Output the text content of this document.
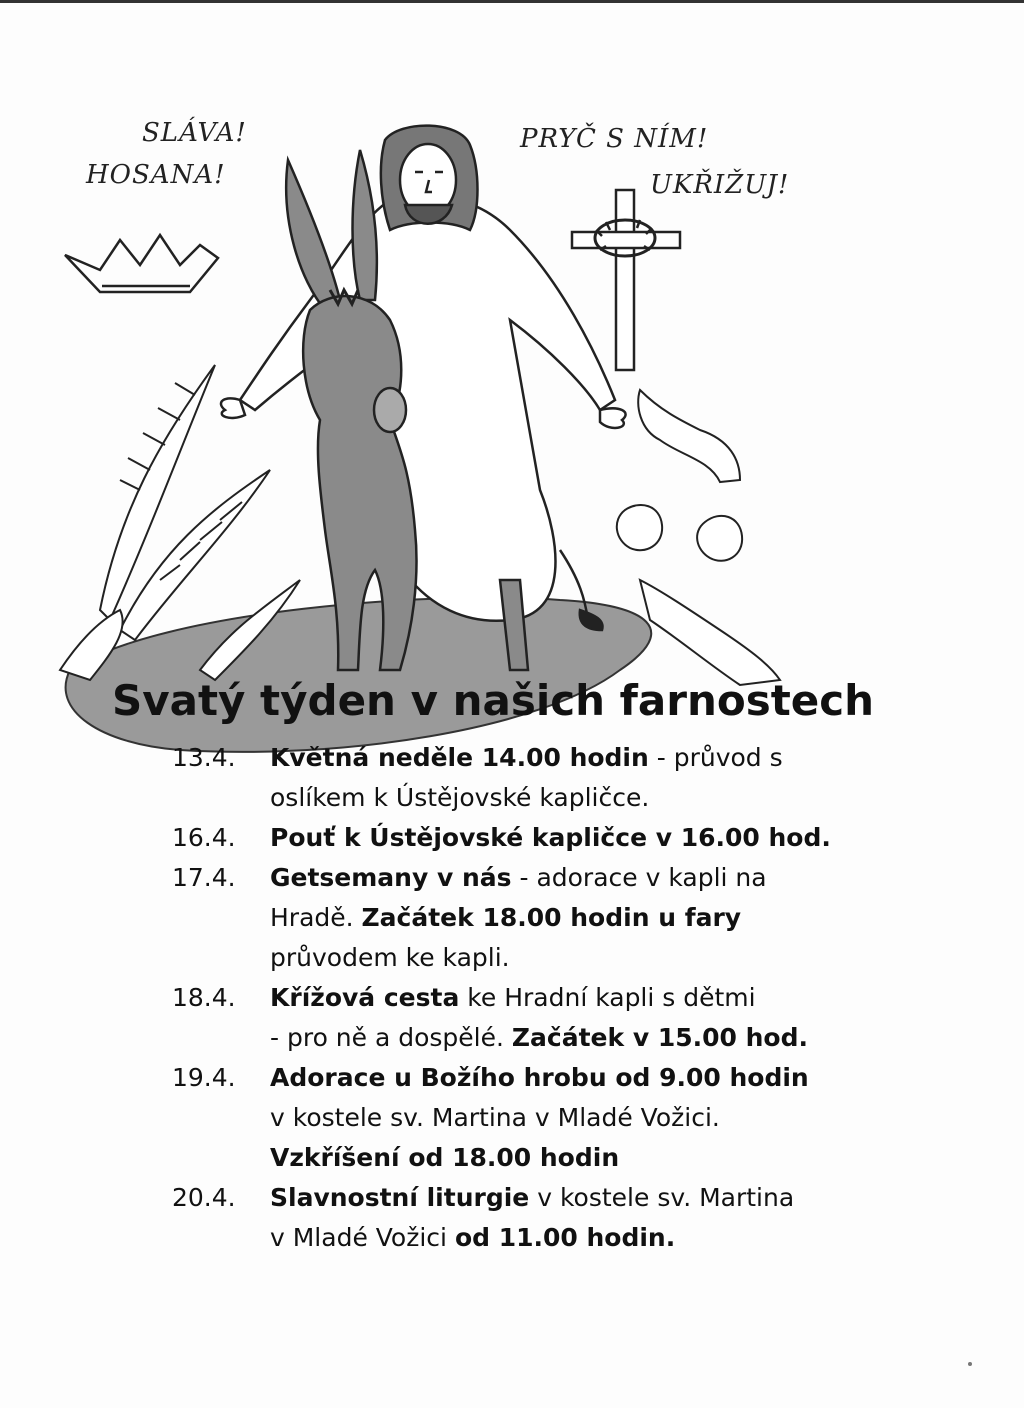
SLÁVA!
HOSANA!
PRYČ S NÍM!
UKŘIŽUJ!
Svatý týden v našich farnostech
13.4.	Květná neděle 14.00 hodin - průvod s
oslíkem k Ústějovské kapličce.
16.4.	Pouť k Ústějovské kapličce v 16.00 hod.
17.4.	Getsemany v nás - adorace v kapli na
Hradě. Začátek 18.00 hodin u fary
průvodem ke kapli.
18.4.	Křížová cesta ke Hradní kapli s dětmi
- pro ně a dospělé. Začátek v 15.00 hod.
19.4.	Adorace u Božího hrobu od 9.00 hodin
v kostele sv. Martina v Mladé Vožici.
Vzkříšení od 18.00 hodin
20.4.	Slavnostní liturgie v kostele sv. Martina
v Mladé Vožici od 11.00 hodin.
